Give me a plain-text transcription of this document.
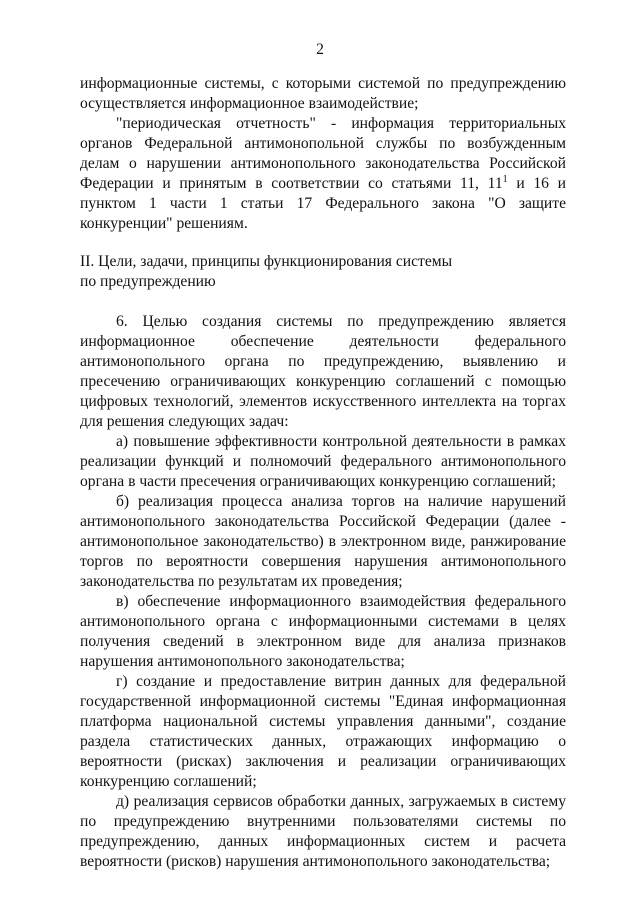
2

информационные системы, с которыми системой по предупреждению осуществляется информационное взаимодействие;

"периодическая отчетность" - информация территориальных органов Федеральной антимонопольной службы по возбужденным делам о нарушении антимонопольного законодательства Российской Федерации и принятым в соответствии со статьями 11, $11^1$ и 16 и пунктом 1 части 1 статьи 17 Федерального закона "О защите конкуренции" решениям.

II. Цели, задачи, принципы функционирования системы

по предупреждению

6. Целью создания системы по предупреждению является информационное обеспечение деятельности федерального антимонопольного органа по предупреждению, выявлению и пресечению ограничивающих конкуренцию соглашений с помощью цифровых технологий, элементов искусственного интеллекта на торгах для решения следующих задач:

а) повышение эффективности контрольной деятельности в рамках реализации функций и полномочий федерального антимонопольного органа в части пресечения ограничивающих конкуренцию соглашений;

б) реализация процесса анализа торгов на наличие нарушений антимонопольного законодательства Российской Федерации (далее - антимонопольное законодательство) в электронном виде, ранжирование торгов по вероятности совершения нарушения антимонопольного законодательства по результатам их проведения;

в) обеспечение информационного взаимодействия федерального антимонопольного органа с информационными системами в целях получения сведений в электронном виде для анализа признаков нарушения антимонопольного законодательства;

г) создание и предоставление витрин данных для федеральной государственной информационной системы "Единая информационная платформа национальной системы управления данными", создание раздела статистических данных, отражающих информацию о вероятности (рисках) заключения и реализации ограничивающих конкуренцию соглашений;

д) реализация сервисов обработки данных, загружаемых в систему по предупреждению внутренними пользователями системы по предупреждению, данных информационных систем и расчета вероятности (рисков) нарушения антимонопольного законодательства;
